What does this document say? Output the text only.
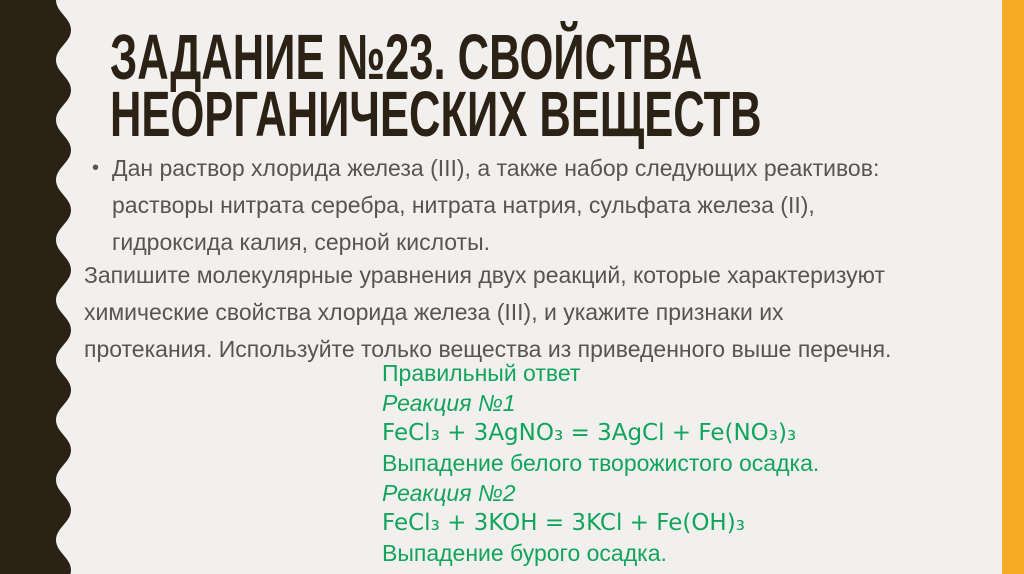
ЗАДАНИЕ №23. СВОЙСТВА
НЕОРГАНИЧЕСКИХ ВЕЩЕСТВ
• Дан раствор хлорида железа (III), а также набор следующих реактивов:
растворы нитрата серебра, нитрата натрия, сульфата железа (II),
гидроксида калия, серной кислоты.
Запишите молекулярные уравнения двух реакций, которые характеризуют
химические свойства хлорида железа (III), и укажите признаки их
протекания. Используйте только вещества из приведенного выше перечня.
Правильный ответ
Реакция №1
FeCl₃ + 3AgNO₃ = 3AgCl + Fe(NO₃)₃
Выпадение белого творожистого осадка.
Реакция №2
FeCl₃ + 3KOH = 3KCl + Fe(OH)₃
Выпадение бурого осадка.
